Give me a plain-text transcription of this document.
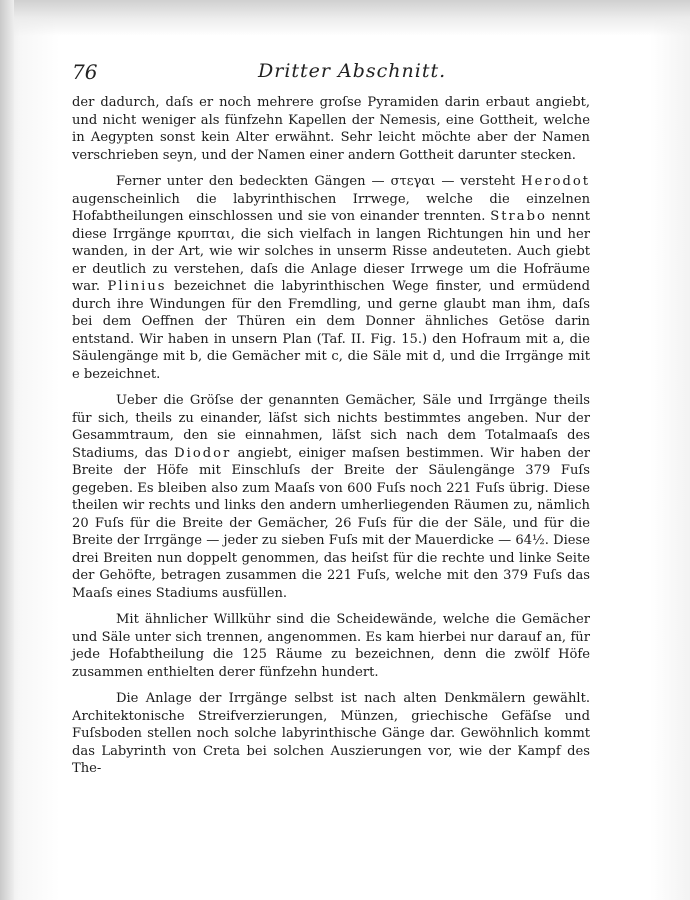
76	Dritter Abschnitt.

der dadurch, daſs er noch mehrere groſse Pyramiden darin erbaut angiebt, und nicht weniger als fünfzehn Kapellen der Nemesis, eine Gottheit, welche in Aegypten sonst kein Alter erwähnt. Sehr leicht möchte aber der Namen verschrieben seyn, und der Namen einer andern Gottheit darunter stecken.

Ferner unter den bedeckten Gängen — στεγαι — versteht Herodot augenscheinlich die labyrinthischen Irrwege, welche die einzelnen Hofabtheilungen einschlossen und sie von einander trennten. Strabo nennt diese Irrgänge κρυπται, die sich vielfach in langen Richtungen hin und her wanden, in der Art, wie wir solches in unserm Risse andeuteten. Auch giebt er deutlich zu verstehen, daſs die Anlage dieser Irrwege um die Hofräume war. Plinius bezeichnet die labyrinthischen Wege finster, und ermüdend durch ihre Windungen für den Fremdling, und gerne glaubt man ihm, daſs bei dem Oeffnen der Thüren ein dem Donner ähnliches Getöse darin entstand. Wir haben in unsern Plan (Taf. II. Fig. 15.) den Hofraum mit a, die Säulengänge mit b, die Gemächer mit c, die Säle mit d, und die Irrgänge mit e bezeichnet.

Ueber die Gröſse der genannten Gemächer, Säle und Irrgänge theils für sich, theils zu einander, läſst sich nichts bestimmtes angeben. Nur der Gesammtraum, den sie einnahmen, läſst sich nach dem Totalmaaſs des Stadiums, das Diodor angiebt, einiger maſsen bestimmen. Wir haben der Breite der Höfe mit Einschluſs der Breite der Säulengänge 379 Fuſs gegeben. Es bleiben also zum Maaſs von 600 Fuſs noch 221 Fuſs übrig. Diese theilen wir rechts und links den andern umherliegenden Räumen zu, nämlich 20 Fuſs für die Breite der Gemächer, 26 Fuſs für die der Säle, und für die Breite der Irrgänge — jeder zu sieben Fuſs mit der Mauerdicke — 64½. Diese drei Breiten nun doppelt genommen, das heiſst für die rechte und linke Seite der Gehöfte, betragen zusammen die 221 Fuſs, welche mit den 379 Fuſs das Maaſs eines Stadiums ausfüllen.

Mit ähnlicher Willkühr sind die Scheidewände, welche die Gemächer und Säle unter sich trennen, angenommen. Es kam hierbei nur darauf an, für jede Hofabtheilung die 125 Räume zu bezeichnen, denn die zwölf Höfe zusammen enthielten derer fünfzehn hundert.

Die Anlage der Irrgänge selbst ist nach alten Denkmälern gewählt. Architektonische Streifverzierungen, Münzen, griechische Gefäſse und Fuſsboden stellen noch solche labyrinthische Gänge dar. Gewöhnlich kommt das Labyrinth von Creta bei solchen Auszierungen vor, wie der Kampf des The-
